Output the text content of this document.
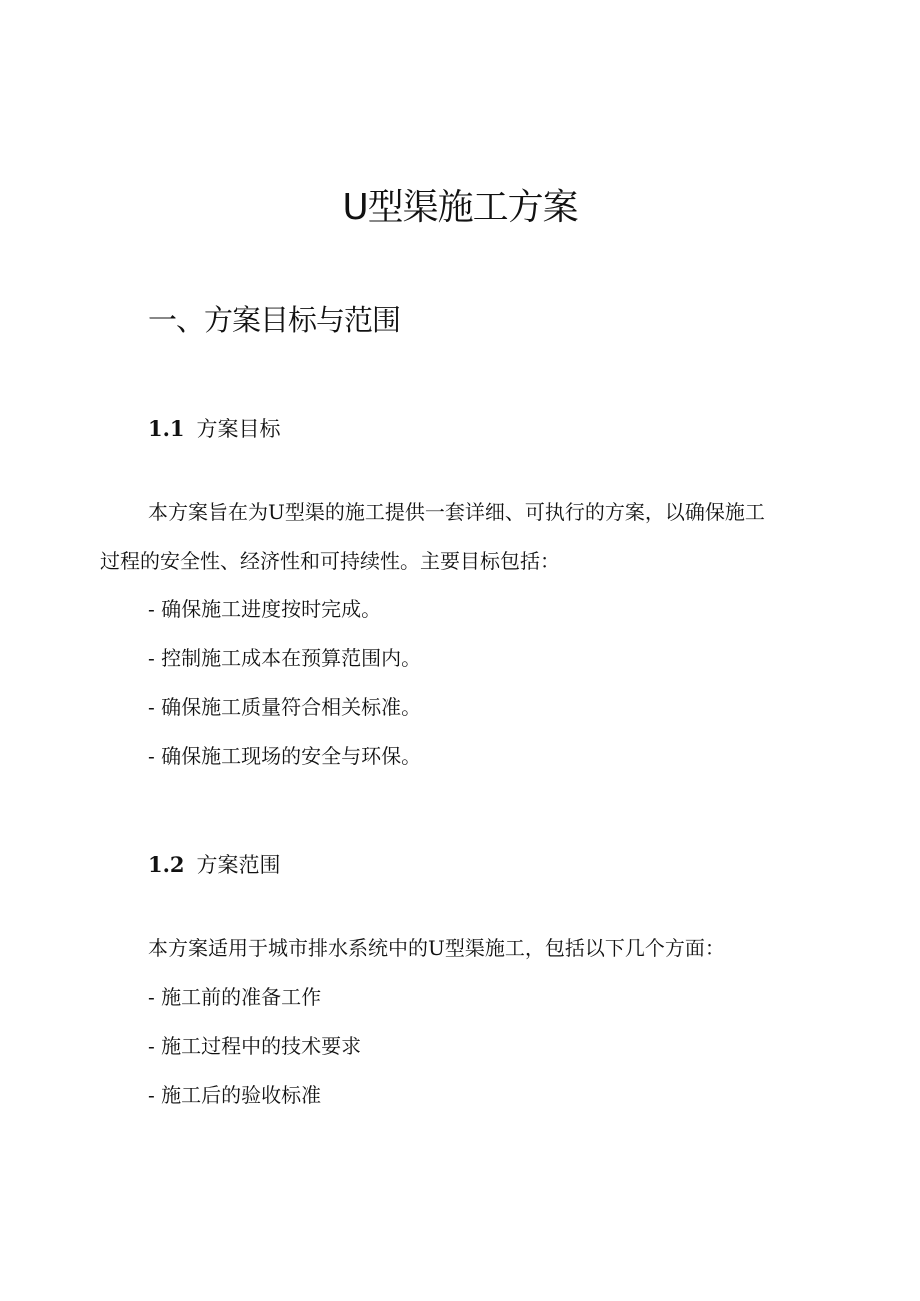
U型渠施工方案
一、方案目标与范围
1.1 方案目标
本方案旨在为U型渠的施工提供一套详细、可执行的方案，以确保施工
过程的安全性、经济性和可持续性。主要目标包括：
- 确保施工进度按时完成。
- 控制施工成本在预算范围内。
- 确保施工质量符合相关标准。
- 确保施工现场的安全与环保。
1.2 方案范围
本方案适用于城市排水系统中的U型渠施工，包括以下几个方面：
- 施工前的准备工作
- 施工过程中的技术要求
- 施工后的验收标准
